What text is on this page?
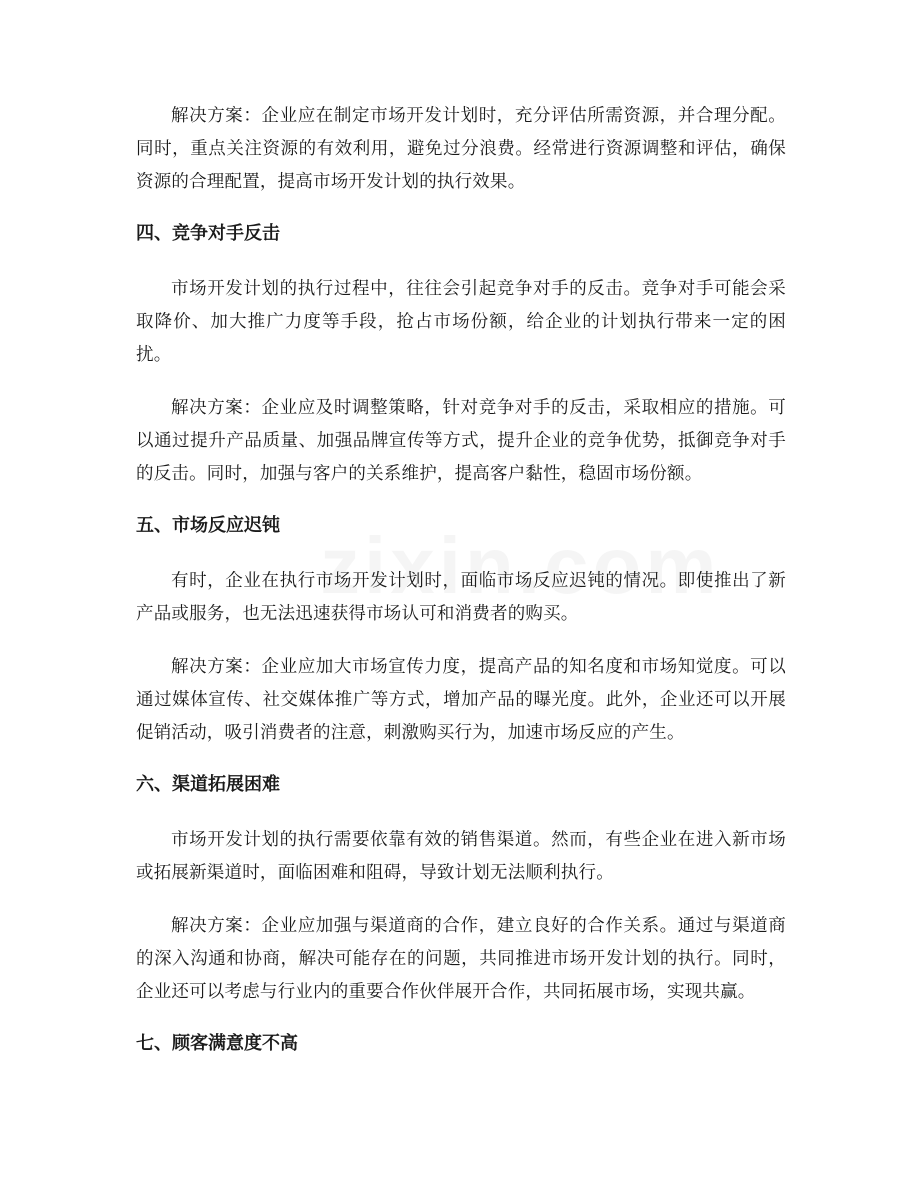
解决方案：企业应在制定市场开发计划时，充分评估所需资源，并合理分配。同时，重点关注资源的有效利用，避免过分浪费。经常进行资源调整和评估，确保资源的合理配置，提高市场开发计划的执行效果。

四、竞争对手反击

市场开发计划的执行过程中，往往会引起竞争对手的反击。竞争对手可能会采取降价、加大推广力度等手段，抢占市场份额，给企业的计划执行带来一定的困扰。

解决方案：企业应及时调整策略，针对竞争对手的反击，采取相应的措施。可以通过提升产品质量、加强品牌宣传等方式，提升企业的竞争优势，抵御竞争对手的反击。同时，加强与客户的关系维护，提高客户黏性，稳固市场份额。

五、市场反应迟钝

有时，企业在执行市场开发计划时，面临市场反应迟钝的情况。即使推出了新产品或服务，也无法迅速获得市场认可和消费者的购买。

解决方案：企业应加大市场宣传力度，提高产品的知名度和市场知觉度。可以通过媒体宣传、社交媒体推广等方式，增加产品的曝光度。此外，企业还可以开展促销活动，吸引消费者的注意，刺激购买行为，加速市场反应的产生。

六、渠道拓展困难

市场开发计划的执行需要依靠有效的销售渠道。然而，有些企业在进入新市场或拓展新渠道时，面临困难和阻碍，导致计划无法顺利执行。

解决方案：企业应加强与渠道商的合作，建立良好的合作关系。通过与渠道商的深入沟通和协商，解决可能存在的问题，共同推进市场开发计划的执行。同时，企业还可以考虑与行业内的重要合作伙伴展开合作，共同拓展市场，实现共赢。

七、顾客满意度不高
